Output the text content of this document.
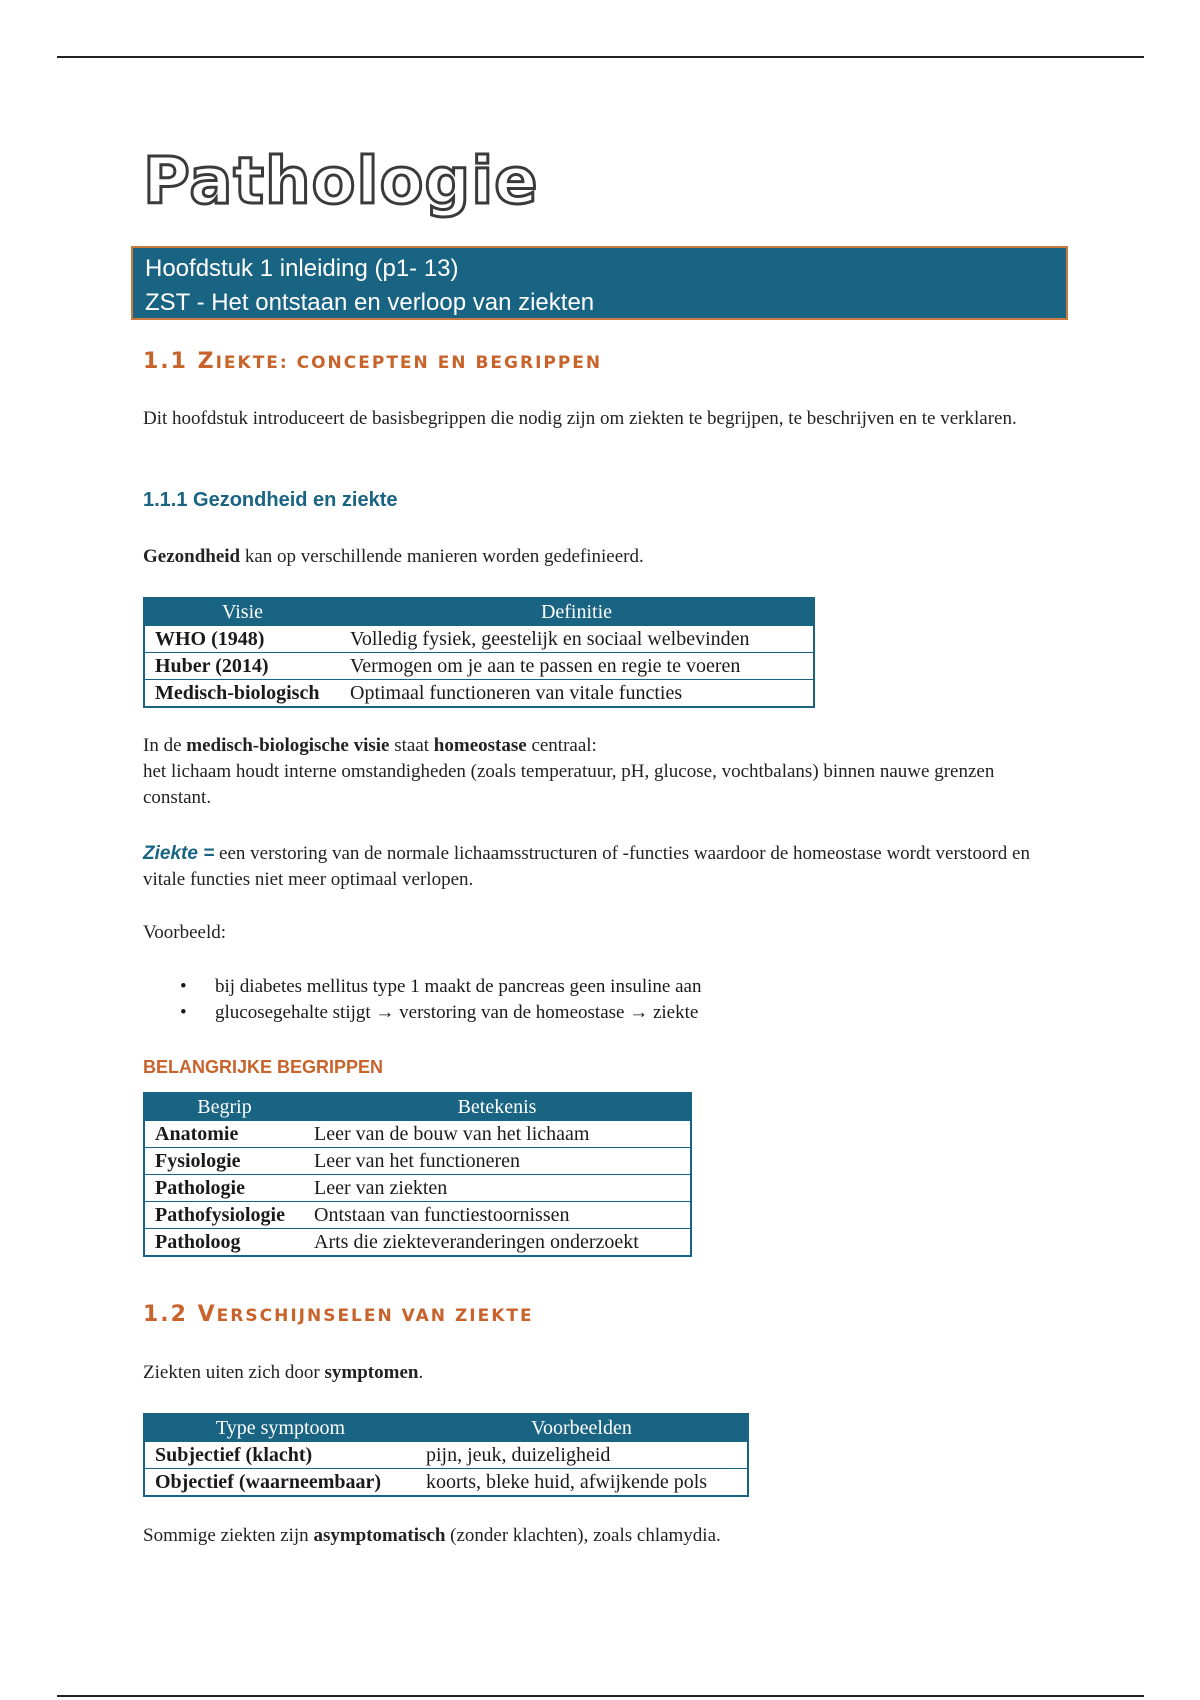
Pathologie
Hoofdstuk 1 inleiding (p1- 13)
ZST - Het ontstaan en verloop van ziekten
1.1 ZIEKTE: CONCEPTEN EN BEGRIPPEN

Dit hoofdstuk introduceert de basisbegrippen die nodig zijn om ziekten te begrijpen, te beschrijven en te verklaren.

1.1.1 Gezondheid en ziekte

Gezondheid kan op verschillende manieren worden gedefinieerd.

Visie	Definitie
WHO (1948)	Volledig fysiek, geestelijk en sociaal welbevinden
Huber (2014)	Vermogen om je aan te passen en regie te voeren
Medisch-biologisch	Optimaal functioneren van vitale functies

In de medisch-biologische visie staat homeostase centraal:
het lichaam houdt interne omstandigheden (zoals temperatuur, pH, glucose, vochtbalans) binnen nauwe grenzen constant.

Ziekte = een verstoring van de normale lichaamsstructuren of -functies waardoor de homeostase wordt verstoord en vitale functies niet meer optimaal verlopen.

Voorbeeld:

• bij diabetes mellitus type 1 maakt de pancreas geen insuline aan
• glucosegehalte stijgt → verstoring van de homeostase → ziekte
BELANGRIJKE BEGRIPPEN
Begrip	Betekenis
Anatomie	Leer van de bouw van het lichaam
Fysiologie	Leer van het functioneren
Pathologie	Leer van ziekten
Pathofysiologie	Ontstaan van functiestoornissen
Patholoog	Arts die ziekteveranderingen onderzoekt
1.2 VERSCHIJNSELEN VAN ZIEKTE

Ziekten uiten zich door symptomen.

Type symptoom	Voorbeelden
Subjectief (klacht)	pijn, jeuk, duizeligheid
Objectief (waarneembaar)	koorts, bleke huid, afwijkende pols

Sommige ziekten zijn asymptomatisch (zonder klachten), zoals chlamydia.
